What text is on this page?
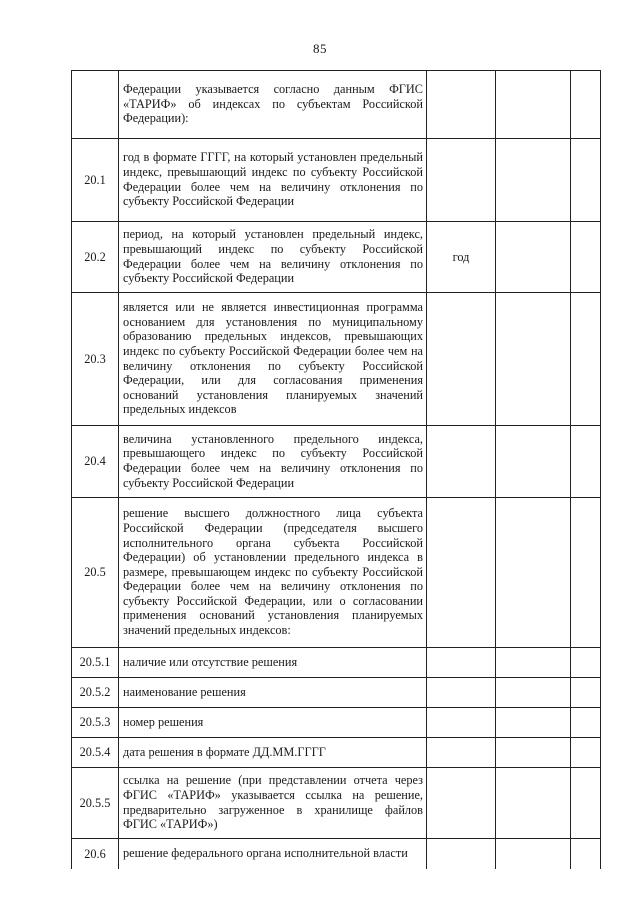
85
	Федерации указывается согласно данным ФГИС «ТАРИФ» об индексах по субъектам Российской Федерации):			
20.1	год в формате ГГГГ, на который установлен предельный индекс, превышающий индекс по субъекту Российской Федерации более чем на величину отклонения по субъекту Российской Федерации			
20.2	период, на который установлен предельный индекс, превышающий индекс по субъекту Российской Федерации более чем на величину отклонения по субъекту Российской Федерации	год		
20.3	является или не является инвестиционная программа основанием для установления по муниципальному образованию предельных индексов, превышающих индекс по субъекту Российской Федерации более чем на величину отклонения по субъекту Российской Федерации, или для согласования применения оснований установления планируемых значений предельных индексов			
20.4	величина установленного предельного индекса, превышающего индекс по субъекту Российской Федерации более чем на величину отклонения по субъекту Российской Федерации			
20.5	решение высшего должностного лица субъекта Российской Федерации (председателя высшего исполнительного органа субъекта Российской Федерации) об установлении предельного индекса в размере, превышающем индекс по субъекту Российской Федерации более чем на величину отклонения по субъекту Российской Федерации, или о согласовании применения оснований установления планируемых значений предельных индексов:			
20.5.1	наличие или отсутствие решения			
20.5.2	наименование решения			
20.5.3	номер решения			
20.5.4	дата решения в формате ДД.ММ.ГГГГ			
20.5.5	ссылка на решение (при представлении отчета через ФГИС «ТАРИФ» указывается ссылка на решение, предварительно загруженное в хранилище файлов ФГИС «ТАРИФ»)			
20.6	решение федерального органа исполнительной власти			
